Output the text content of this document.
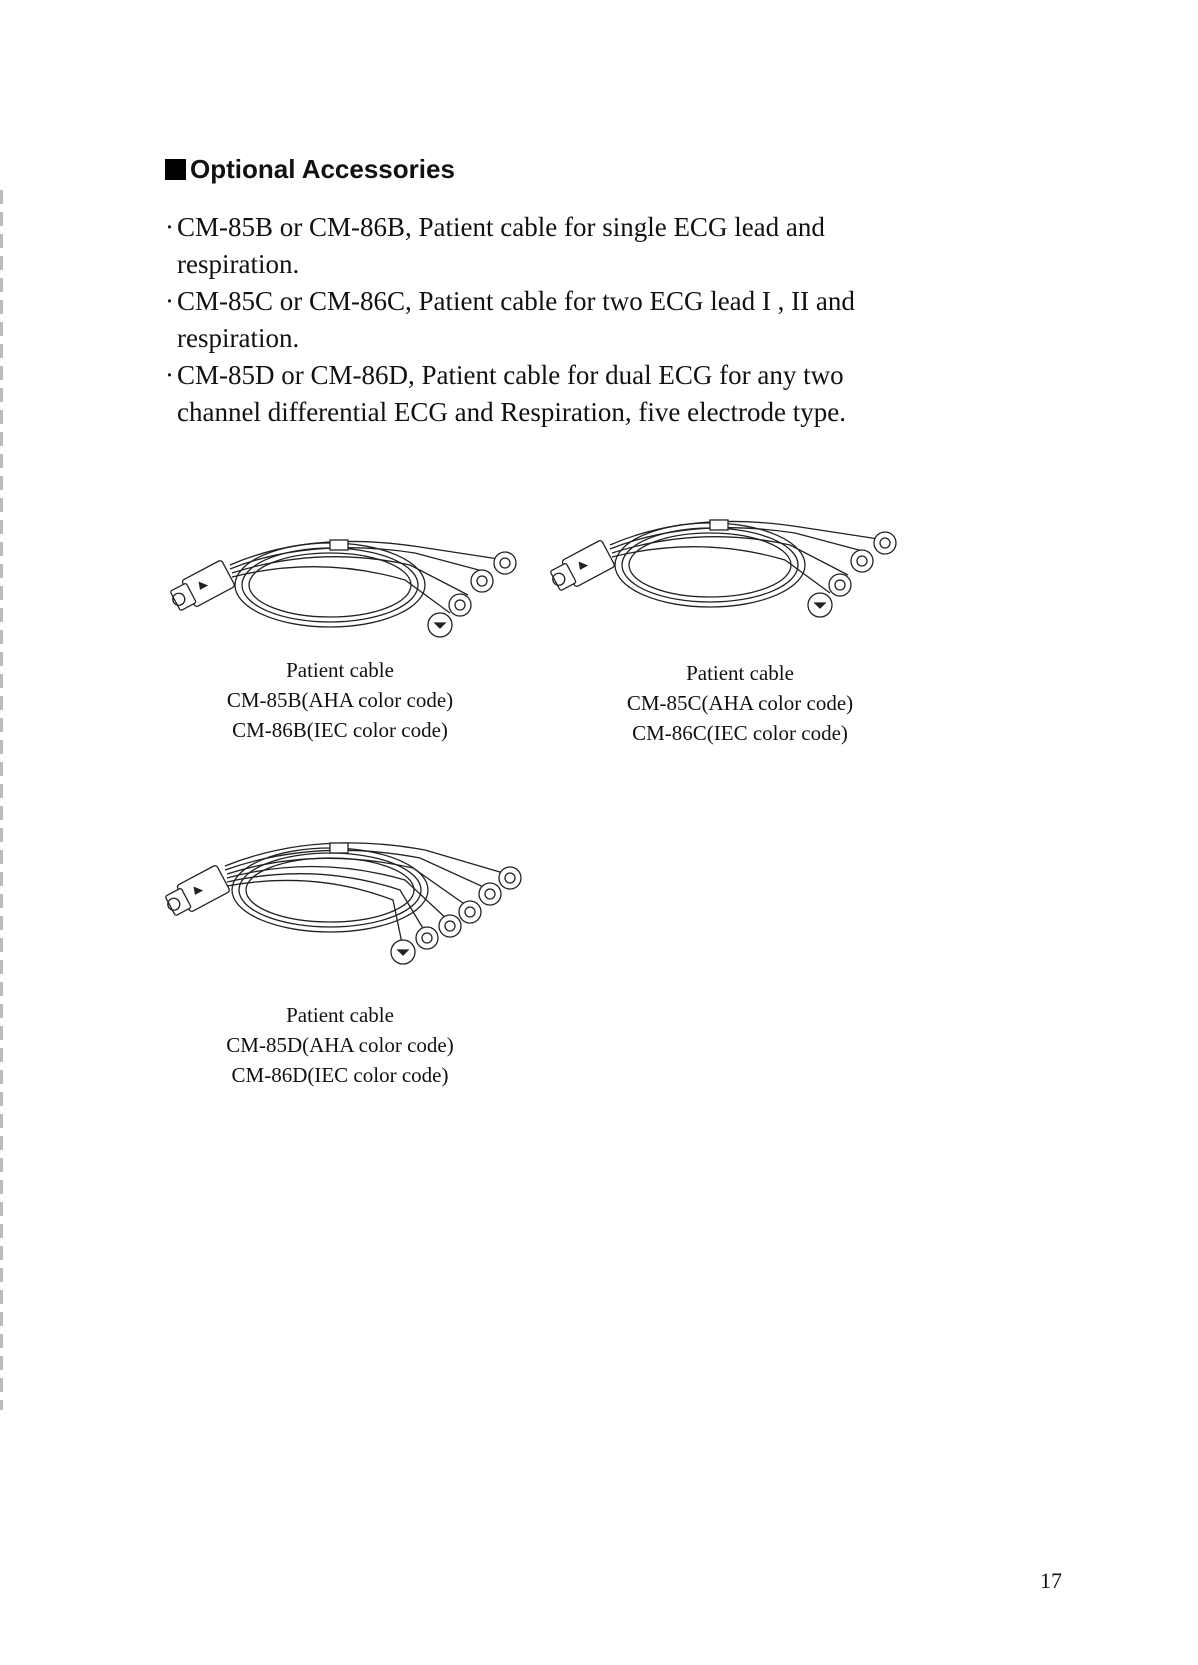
Optional Accessories
· CM-85B or CM-86B, Patient cable for single ECG lead and
respiration.
· CM-85C or CM-86C, Patient cable for two ECG lead I , II and
respiration.
· CM-85D or CM-86D, Patient cable for dual ECG for any two
channel differential ECG and Respiration, five electrode type.
Patient cable
CM-85B(AHA color code)
CM-86B(IEC color code)
Patient cable
CM-85C(AHA color code)
CM-86C(IEC color code)
Patient cable
CM-85D(AHA color code)
CM-86D(IEC color code)
17
